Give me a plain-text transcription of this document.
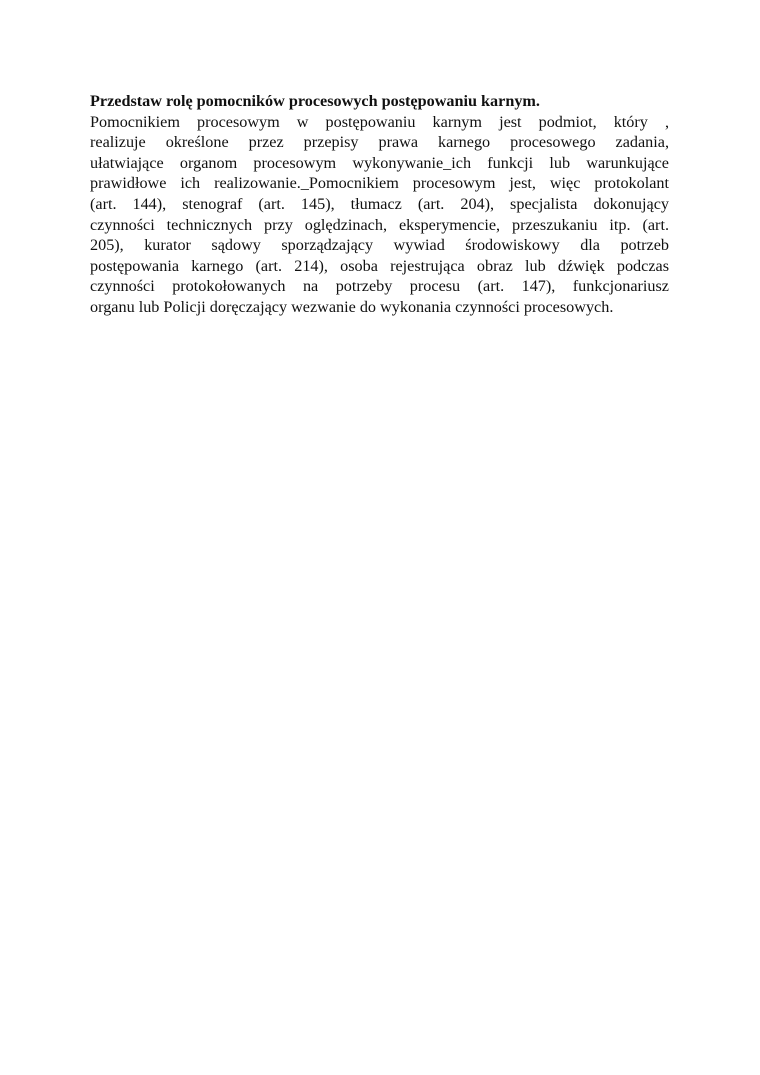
Przedstaw rolę pomocników procesowych postępowaniu karnym.

Pomocnikiem procesowym w postępowaniu karnym jest podmiot, który ,
realizuje określone przez przepisy prawa karnego procesowego zadania,
ułatwiające organom procesowym wykonywanie_ich funkcji lub warunkujące
prawidłowe ich realizowanie._Pomocnikiem procesowym jest, więc protokolant
(art. 144), stenograf (art. 145), tłumacz (art. 204), specjalista dokonujący
czynności technicznych przy oględzinach, eksperymencie, przeszukaniu itp. (art.
205), kurator sądowy sporządzający wywiad środowiskowy dla potrzeb
postępowania karnego (art. 214), osoba rejestrująca obraz lub dźwięk podczas
czynności protokołowanych na potrzeby procesu (art. 147), funkcjonariusz
organu lub Policji doręczający wezwanie do wykonania czynności procesowych.
